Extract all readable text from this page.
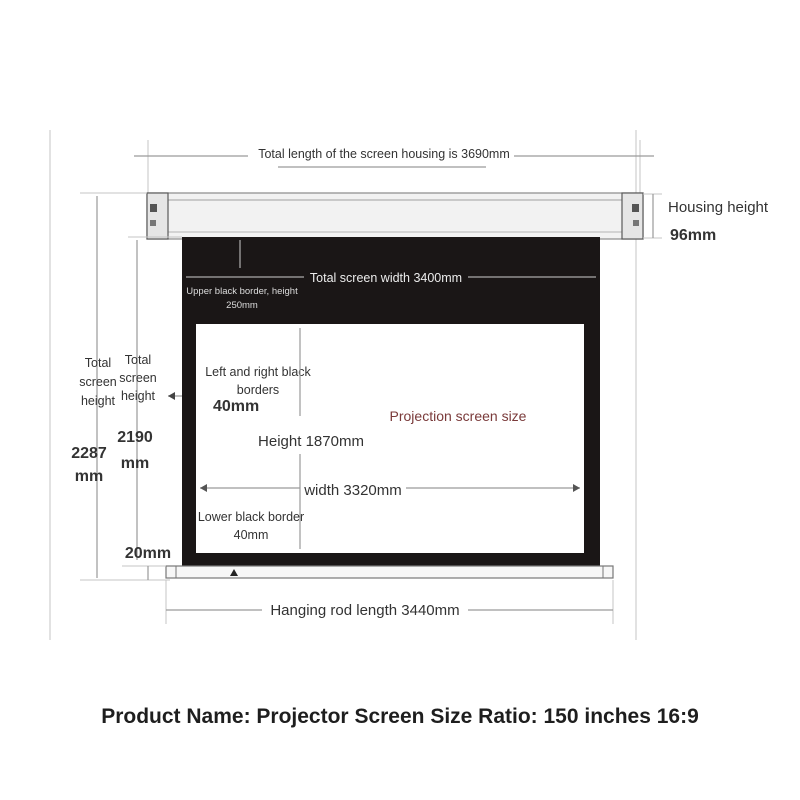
Total length of the screen housing is 3690mm
Housing height
96mm
Total screen width 3400mm
Upper black border, height
250mm
Total
screen
height
2287
mm
Total
screen
height
2190
mm
Left and right black
borders
40mm
Projection screen size
Height 1870mm
width 3320mm
Lower black border
40mm
20mm
Hanging rod length 3440mm
Product Name: Projector Screen Size Ratio: 150 inches 16:9
